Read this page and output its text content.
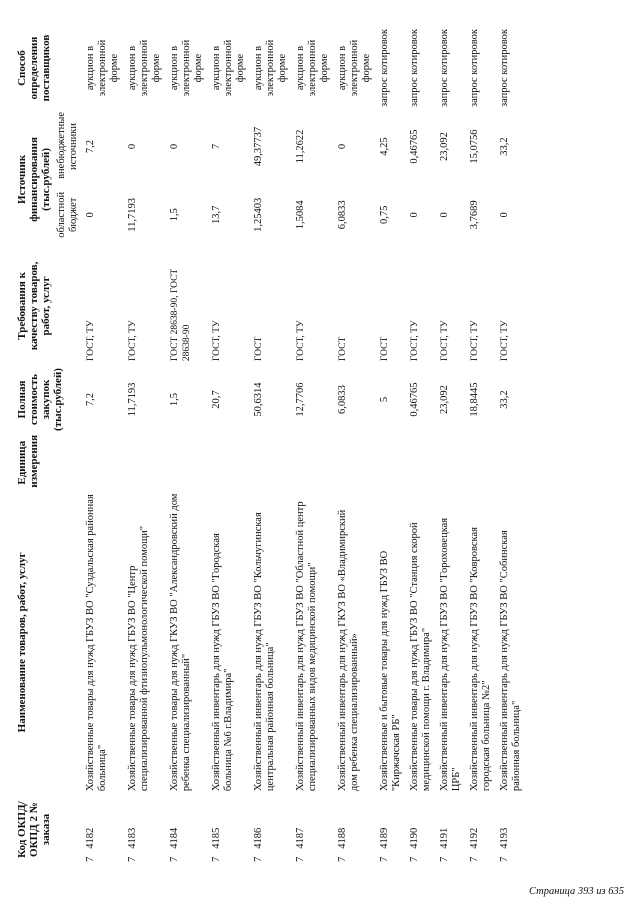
Код ОКПД/ ОКПД 2 № заказа	Наименование товаров, работ, услуг	Единица измерения	Полная стоимость закупок (тыс.рублей)	Требования к качеству товаров, работ, услуг	Источник финансирования (тыс.рублей)		Способ определения поставщиков
					областной бюджет	внебюджетные источники	
74182	Хозяйственные товары для нужд ГБУЗ ВО "Суздальская районная больница"		7,2	ГОСТ, ТУ	0	7,2	аукцион в электронной форме
74183	Хозяйственные товары для нужд ГБУЗ ВО "Центр специализированной фтизиопульмонологической помощи"		11,7193	ГОСТ, ТУ	11,7193	0	аукцион в электронной форме
74184	Хозяйственные товары для нужд ГКУЗ ВО "Александровский дом ребенка специализированный"		1,5	ГОСТ 28638-90, ГОСТ 28638-90	1,5	0	аукцион в электронной форме
74185	Хозяйственный инвентарь для нужд ГБУЗ ВО "Городская больница №6 г.Владимира"		20,7	ГОСТ, ТУ	13,7	7	аукцион в электронной форме
74186	Хозяйственный инвентарь для нужд ГБУЗ ВО "Кольчугинская центральная районная больница"		50,6314	ГОСТ	1,25403	49,37737	аукцион в электронной форме
74187	Хозяйственный инвентарь для нужд ГБУЗ ВО "Областной центр специализированных видов медицинской помощи"		12,7706	ГОСТ, ТУ	1,5084	11,2622	аукцион в электронной форме
74188	Хозяйственный инвентарь для нужд ГКУЗ ВО «Владимирский дом ребенка специализированный»		6,0833	ГОСТ	6,0833	0	аукцион в электронной форме
74189	Хозяйственные и бытовые товары для нужд ГБУЗ ВО "Киржачская РБ"		5	ГОСТ	0,75	4,25	запрос котировок
74190	Хозяйственные товары для нужд ГБУЗ ВО "Станция скорой медицинской помощи г. Владимира"		0,46765	ГОСТ, ТУ	0	0,46765	запрос котировок
74191	Хозяйственный инвентарь для нужд ГБУЗ ВО "Гороховецкая ЦРБ"		23,092	ГОСТ, ТУ	0	23,092	запрос котировок
74192	Хозяйственный инвентарь для нужд ГБУЗ ВО "Ковровская городская больница №2"		18,8445	ГОСТ, ТУ	3,7689	15,0756	запрос котировок
74193	Хозяйственный инвентарь для нужд ГБУЗ ВО "Собинская районная больница"		33,2	ГОСТ, ТУ	0	33,2	запрос котировок
Страница 393 из 635
